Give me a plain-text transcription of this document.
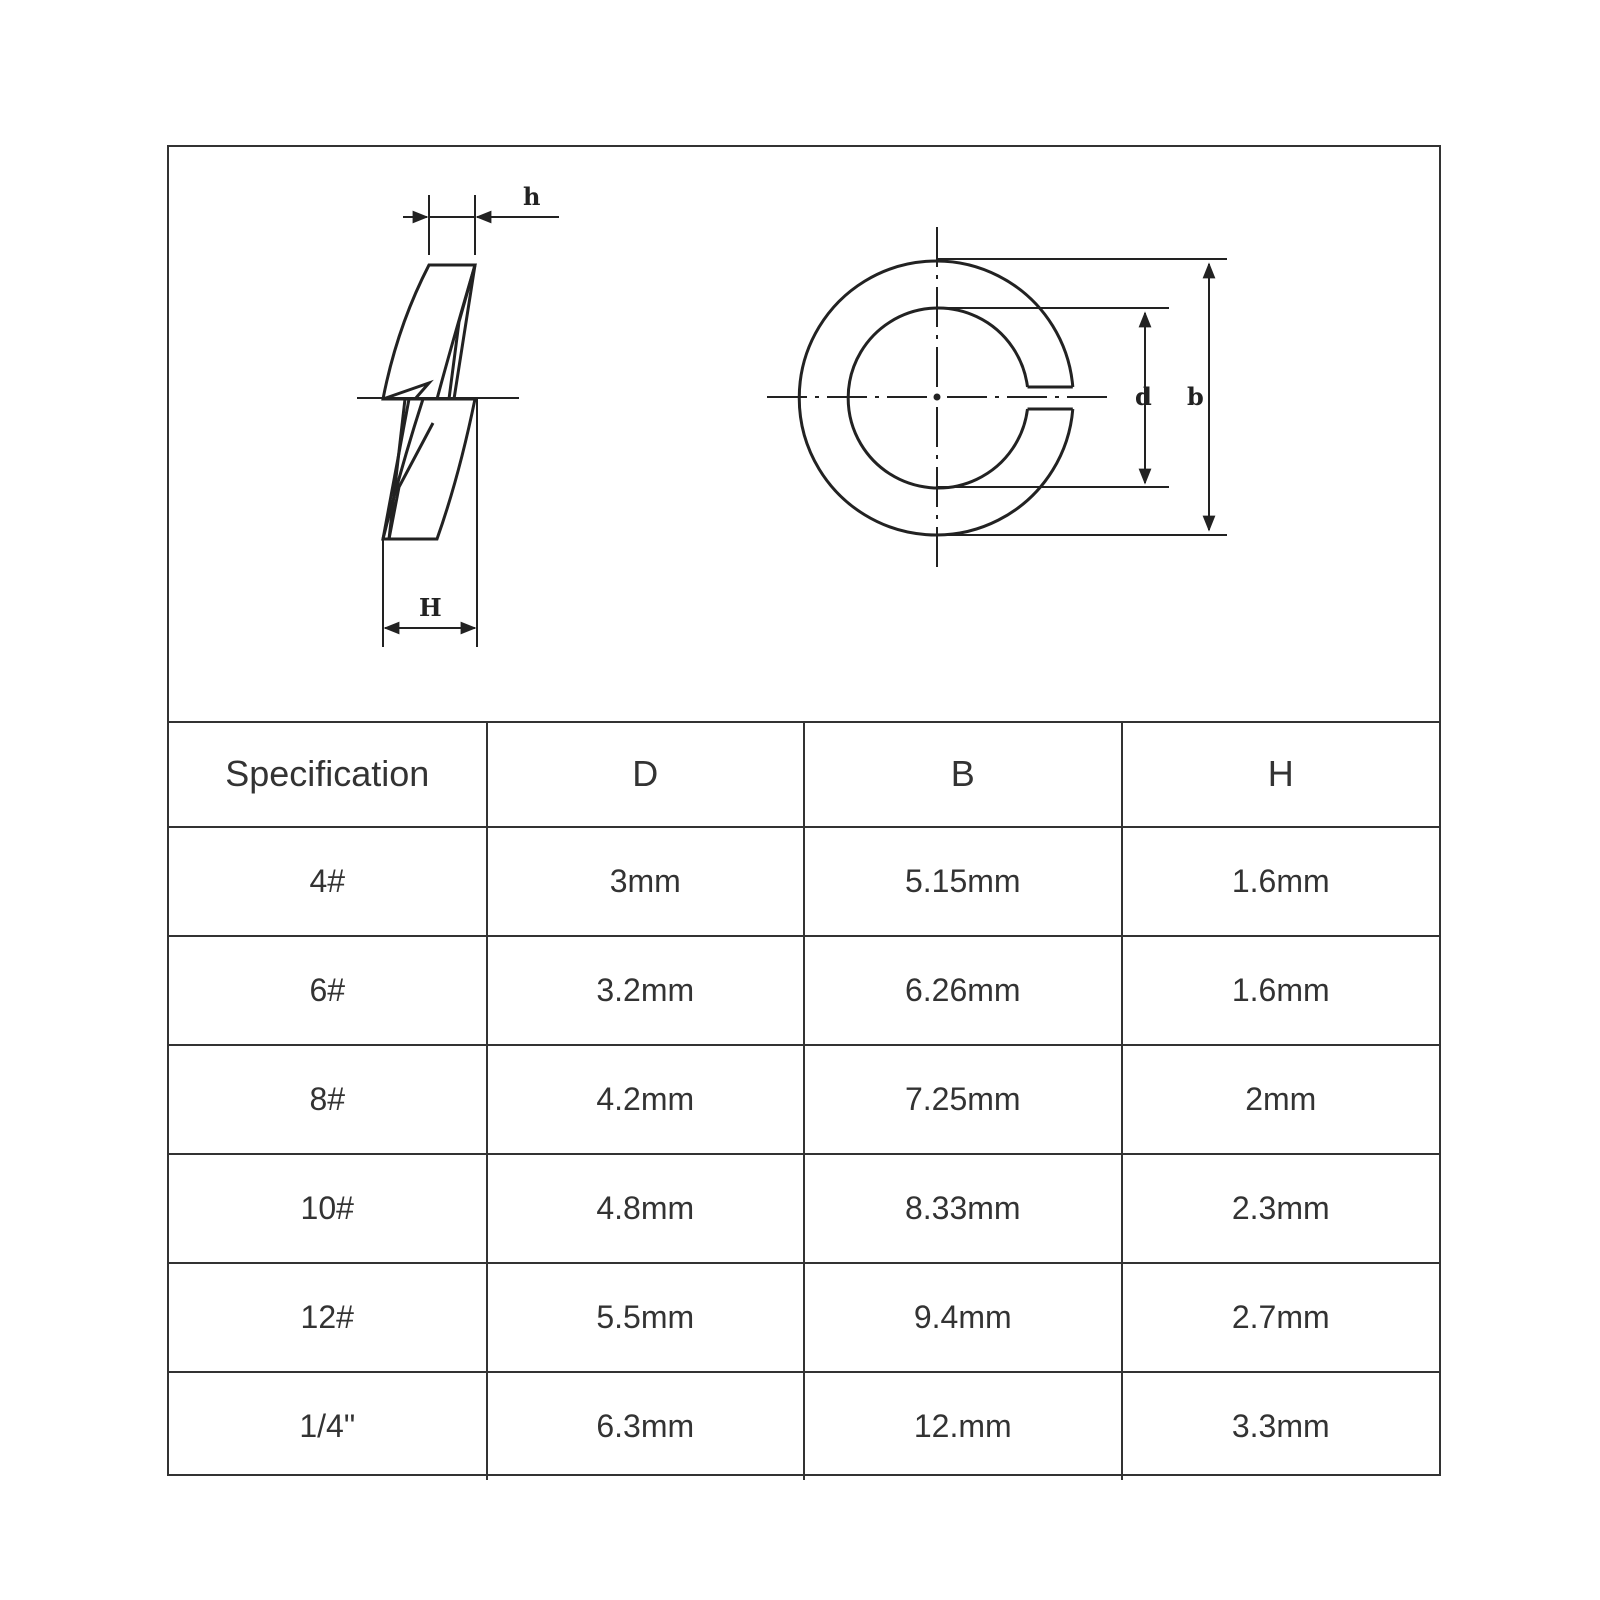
h
H
d b
Specification	D	B	H
4#	3mm	5.15mm	1.6mm
6#	3.2mm	6.26mm	1.6mm
8#	4.2mm	7.25mm	2mm
10#	4.8mm	8.33mm	2.3mm
12#	5.5mm	9.4mm	2.7mm
1/4"	6.3mm	12.mm	3.3mm
